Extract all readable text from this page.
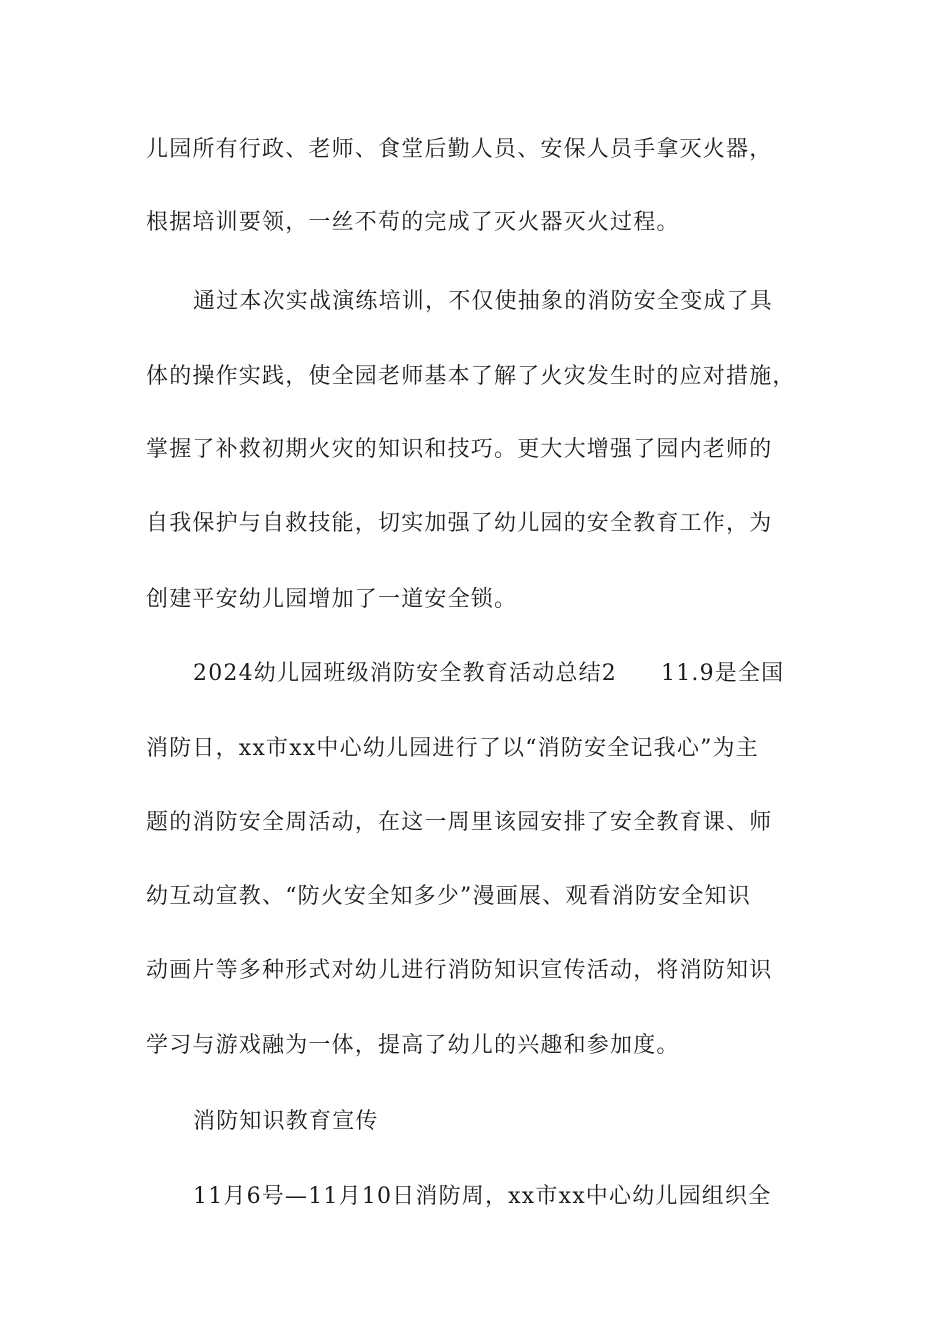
儿园所有行政、老师、食堂后勤人员、安保人员手拿灭火器，
根据培训要领，一丝不苟的完成了灭火器灭火过程。
通过本次实战演练培训，不仅使抽象的消防安全变成了具
体的操作实践，使全园老师基本了解了火灾发生时的应对措施，
掌握了补救初期火灾的知识和技巧。更大大增强了园内老师的
自我保护与自救技能，切实加强了幼儿园的安全教育工作，为
创建平安幼儿园增加了一道安全锁。
2024幼儿园班级消防安全教育活动总结2 11.9是全国
消防日，xx市xx中心幼儿园进行了以“消防安全记我心”为主
题的消防安全周活动，在这一周里该园安排了安全教育课、师
幼互动宣教、“防火安全知多少”漫画展、观看消防安全知识
动画片等多种形式对幼儿进行消防知识宣传活动，将消防知识
学习与游戏融为一体，提高了幼儿的兴趣和参加度。
消防知识教育宣传
11月6号—11月10日消防周，xx市xx中心幼儿园组织全
